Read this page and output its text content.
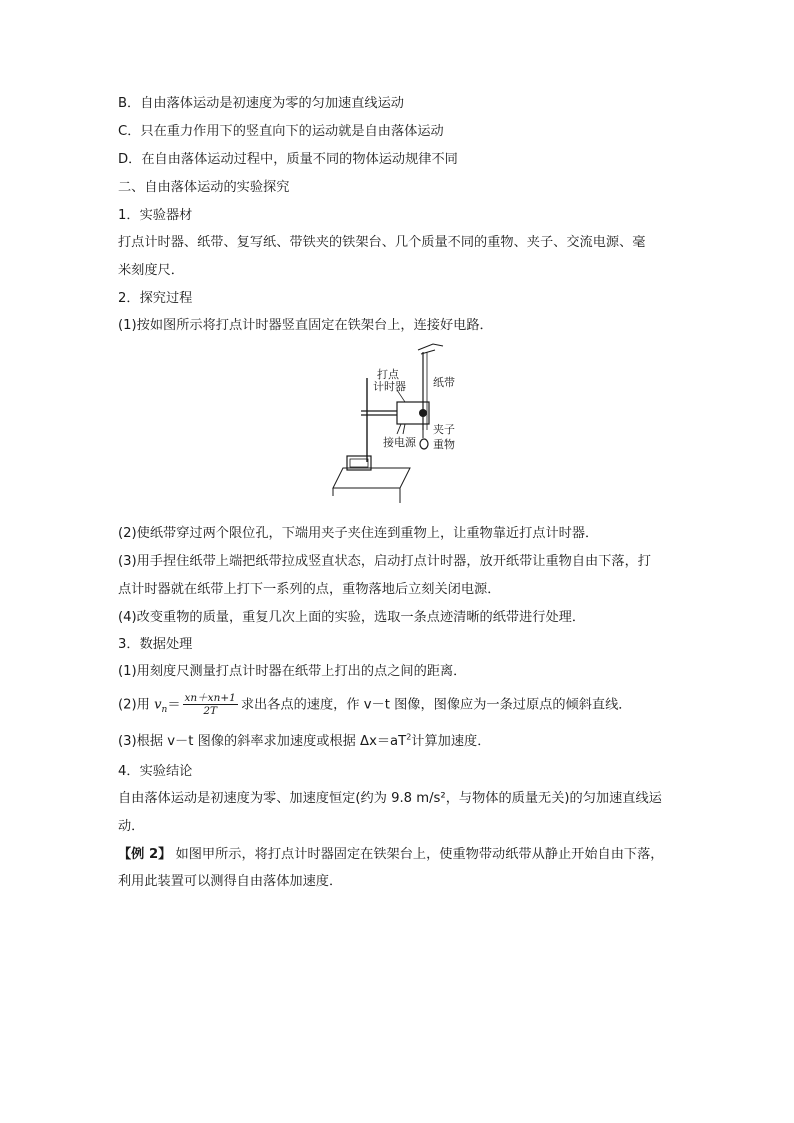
B．自由落体运动是初速度为零的匀加速直线运动
C．只在重力作用下的竖直向下的运动就是自由落体运动
D．在自由落体运动过程中，质量不同的物体运动规律不同
二、自由落体运动的实验探究
1．实验器材
打点计时器、纸带、复写纸、带铁夹的铁架台、几个质量不同的重物、夹子、交流电源、毫
米刻度尺．
2．探究过程
(1)按如图所示将打点计时器竖直固定在铁架台上，连接好电路．
打点
计时器 纸带
夹子
接电源 重物
(2)使纸带穿过两个限位孔，下端用夹子夹住连到重物上，让重物靠近打点计时器．
(3)用手捏住纸带上端把纸带拉成竖直状态，启动打点计时器，放开纸带让重物自由下落，打
点计时器就在纸带上打下一系列的点，重物落地后立刻关闭电源．
(4)改变重物的质量，重复几次上面的实验，选取一条点迹清晰的纸带进行处理．
3．数据处理
(1)用刻度尺测量打点计时器在纸带上打出的点之间的距离．
(2)用 $v_n= \frac{xn+xn+1}{2T}$ 求出各点的速度，作 v－t 图像，图像应为一条过原点的倾斜直线．
(3)根据 v－t 图像的斜率求加速度或根据 $\Delta x=aT^2$计算加速度．
4．实验结论
自由落体运动是初速度为零、加速度恒定(约为 9.8 m/s²，与物体的质量无关)的匀加速直线运
动．
【例 2】 如图甲所示，将打点计时器固定在铁架台上，使重物带动纸带从静止开始自由下落，
利用此装置可以测得自由落体加速度．
